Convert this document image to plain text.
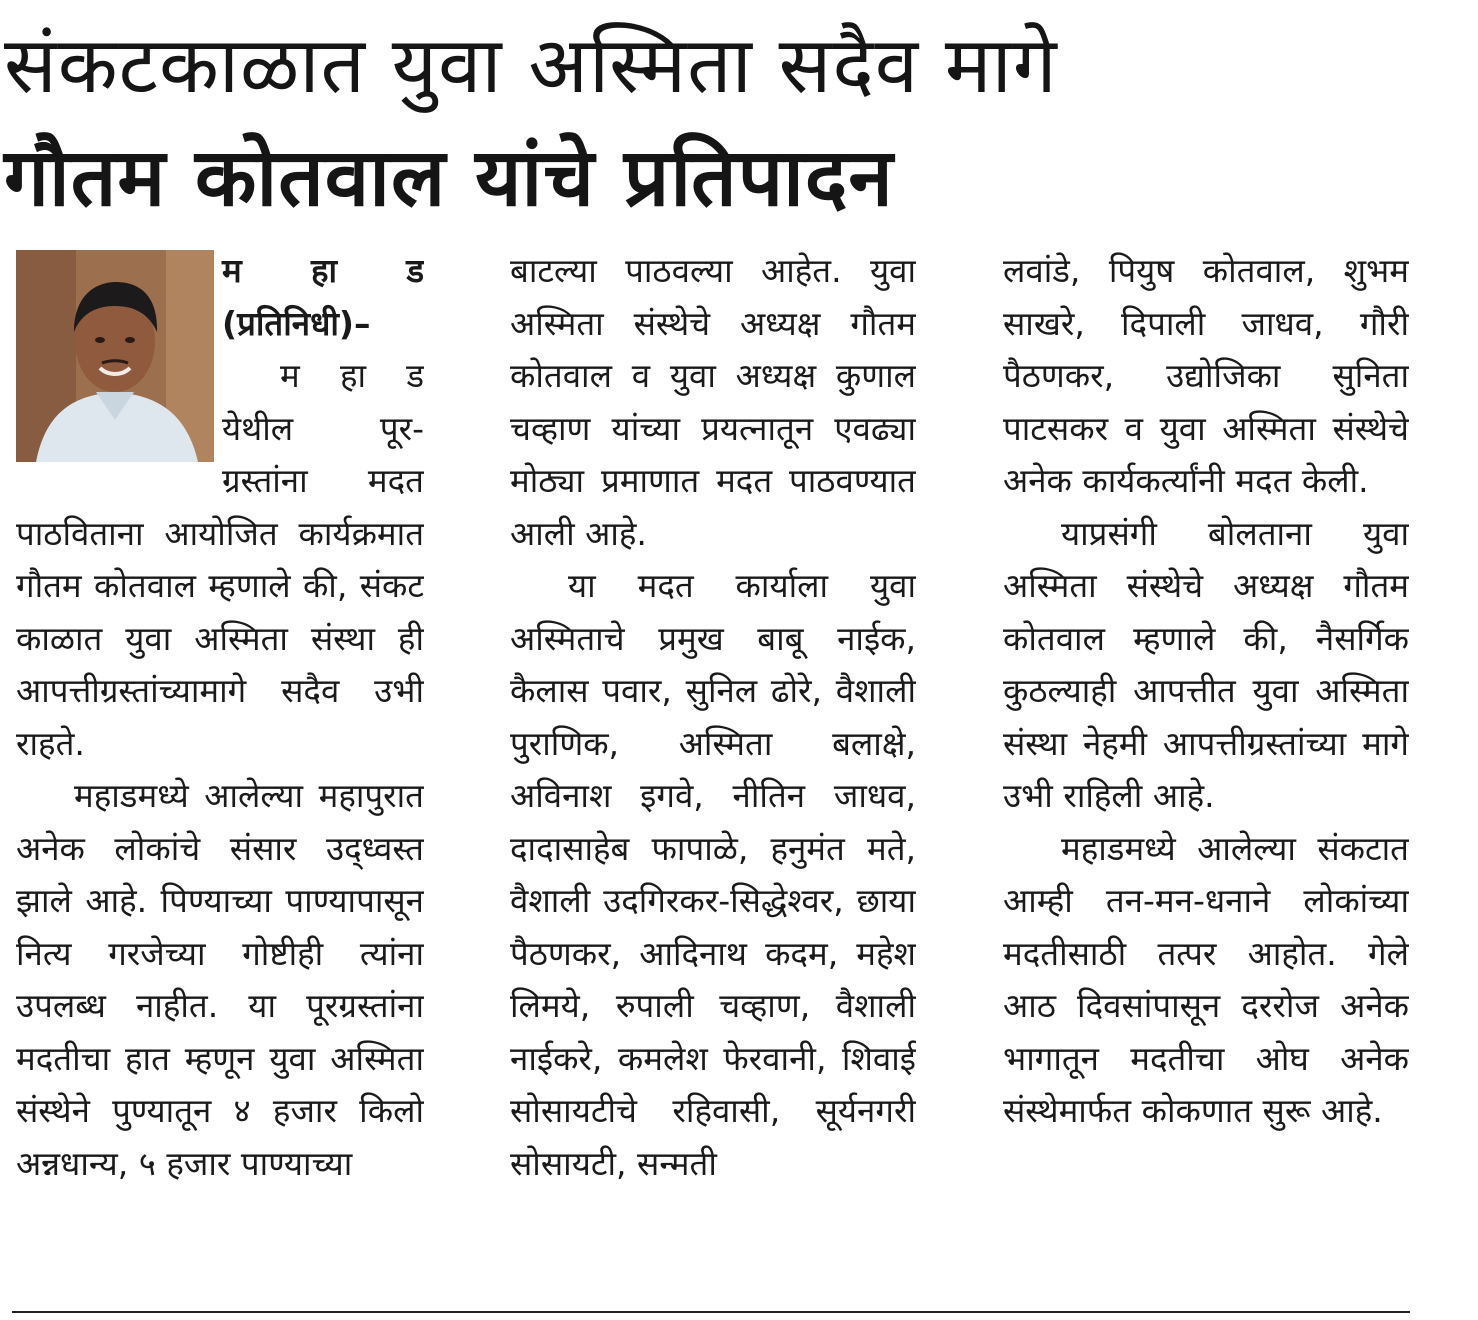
संकटकाळात युवा अस्मिता सदैव मागे
गौतम कोतवाल यांचे प्रतिपादन

म हा ड (प्रतिनिधी)–

म हा ड येथील पूर-ग्रस्तांना मदत पाठविताना आयोजित कार्यक्रमात गौतम कोतवाल म्हणाले की, संकट काळात युवा अस्मिता संस्था ही आपत्तीग्रस्तांच्यामागे सदैव उभी राहते.

महाडमध्ये आलेल्या महापुरात अनेक लोकांचे संसार उद्ध्वस्त झाले आहे. पिण्याच्या पाण्यापासून नित्य गरजेच्या गोष्टीही त्यांना उपलब्ध नाहीत. या पूरग्रस्तांना मदतीचा हात म्हणून युवा अस्मिता संस्थेने पुण्यातून ४ हजार किलो अन्नधान्य, ५ हजार पाण्याच्या

बाटल्या पाठवल्या आहेत. युवा अस्मिता संस्थेचे अध्यक्ष गौतम कोतवाल व युवा अध्यक्ष कुणाल चव्हाण यांच्या प्रयत्नातून एवढ्या मोठ्या प्रमाणात मदत पाठवण्यात आली आहे.

या मदत कार्याला युवा अस्मिताचे प्रमुख बाबू नाईक, कैलास पवार, सुनिल ढोरे, वैशाली पुराणिक, अस्मिता बलाक्षे, अविनाश इगवे, नीतिन जाधव, दादासाहेब फापाळे, हनुमंत मते, वैशाली उदगिरकर-सिद्धेश्वर, छाया पैठणकर, आदिनाथ कदम, महेश लिमये, रुपाली चव्हाण, वैशाली नाईकरे, कमलेश फेरवानी, शिवाई सोसायटीचे रहिवासी, सूर्यनगरी सोसायटी, सन्मती

लवांडे, पियुष कोतवाल, शुभम साखरे, दिपाली जाधव, गौरी पैठणकर, उद्योजिका सुनिता पाटसकर व युवा अस्मिता संस्थेचे अनेक कार्यकर्त्यांनी मदत केली.

याप्रसंगी बोलताना युवा अस्मिता संस्थेचे अध्यक्ष गौतम कोतवाल म्हणाले की, नैसर्गिक कुठल्याही आपत्तीत युवा अस्मिता संस्था नेहमी आपत्तीग्रस्तांच्या मागे उभी राहिली आहे.

महाडमध्ये आलेल्या संकटात आम्ही तन-मन-धनाने लोकांच्या मदतीसाठी तत्पर आहोत. गेले आठ दिवसांपासून दररोज अनेक भागातून मदतीचा ओघ अनेक संस्थेमार्फत कोकणात सुरू आहे.
